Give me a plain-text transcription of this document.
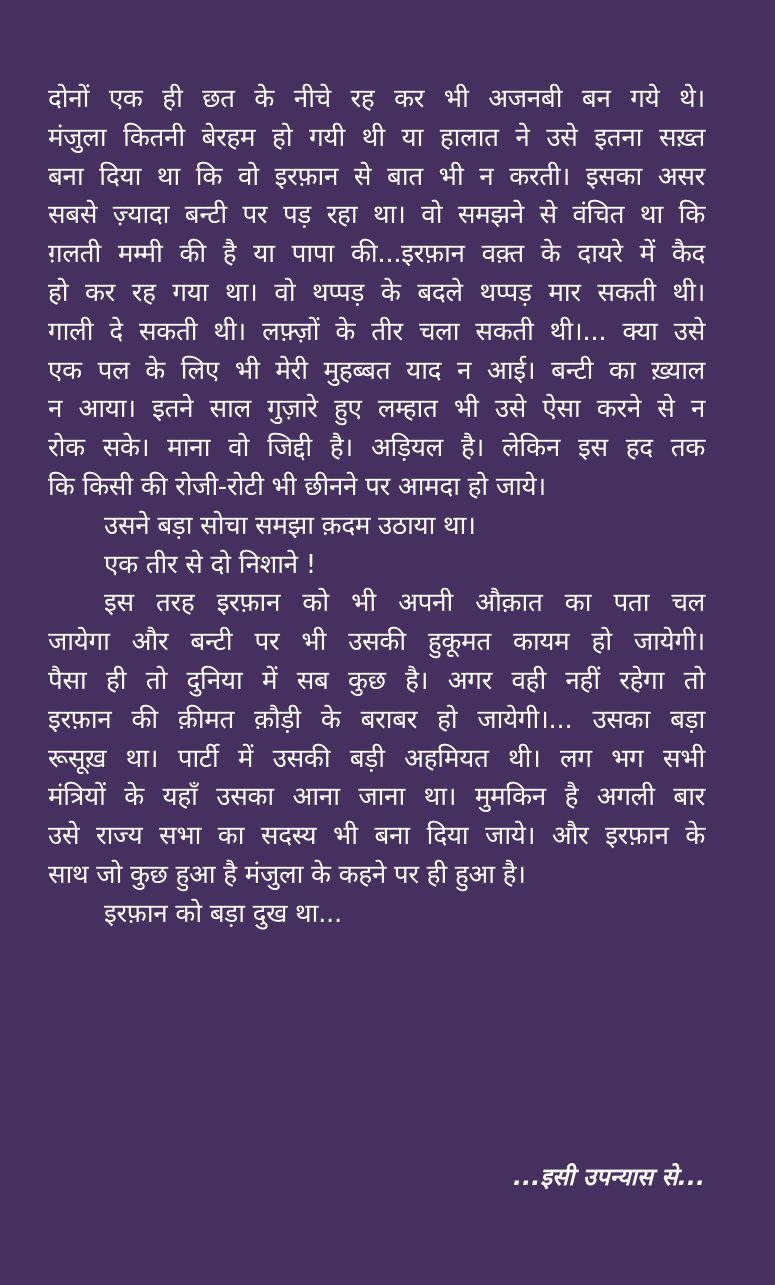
दोनों एक ही छत के नीचे रह कर भी अजनबी बन गये थे।

मंजुला कितनी बेरहम हो गयी थी या हालात ने उसे इतना सख़्त

बना दिया था कि वो इरफ़ान से बात भी न करती। इसका असर

सबसे ज़्यादा बन्टी पर पड़ रहा था। वो समझने से वंचित था कि

ग़लती मम्मी की है या पापा की...इरफ़ान वक़्त के दायरे में कैद

हो कर रह गया था। वो थप्पड़ के बदले थप्पड़ मार सकती थी।

गाली दे सकती थी। लफ़्ज़ों के तीर चला सकती थी।... क्या उसे

एक पल के लिए भी मेरी मुहब्बत याद न आई। बन्टी का ख़्याल

न आया। इतने साल गुज़ारे हुए लम्हात भी उसे ऐसा करने से न

रोक सके। माना वो जिद्दी है। अड़ियल है। लेकिन इस हद तक

कि किसी की रोजी-रोटी भी छीनने पर आमदा हो जाये।

उसने बड़ा सोचा समझा क़दम उठाया था।

एक तीर से दो निशाने !

इस तरह इरफ़ान को भी अपनी औक़ात का पता चल

जायेगा और बन्टी पर भी उसकी हुकूमत कायम हो जायेगी।

पैसा ही तो दुनिया में सब कुछ है। अगर वही नहीं रहेगा तो

इरफ़ान की क़ीमत क़ौड़ी के बराबर हो जायेगी।... उसका बड़ा

रूसूख़ था। पार्टी में उसकी बड़ी अहमियत थी। लग भग सभी

मंत्रियों के यहाँ उसका आना जाना था। मुमकिन है अगली बार

उसे राज्य सभा का सदस्य भी बना दिया जाये। और इरफ़ान के

साथ जो कुछ हुआ है मंजुला के कहने पर ही हुआ है।

इरफ़ान को बड़ा दुख था...

...इसी उपन्यास से...
